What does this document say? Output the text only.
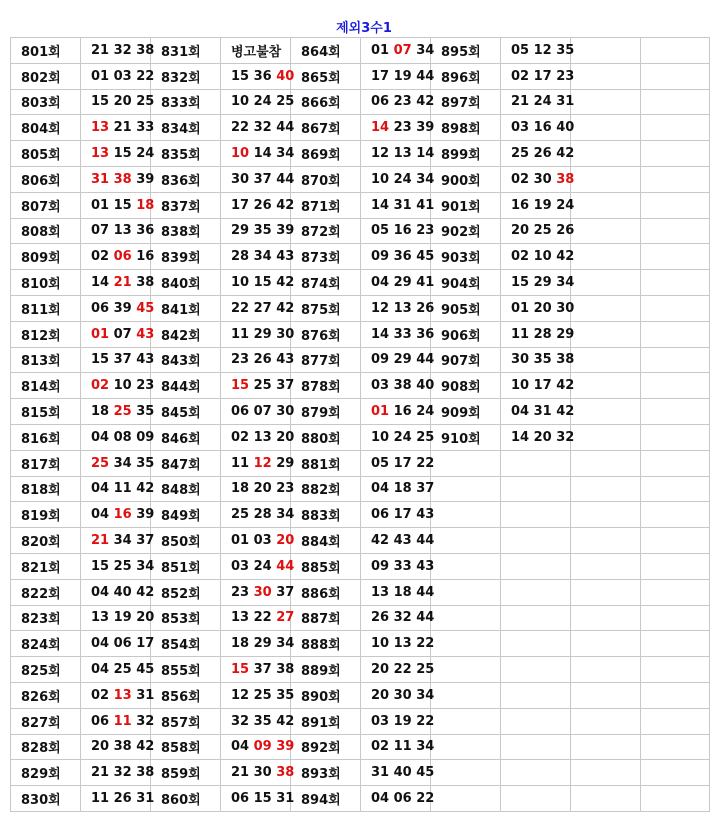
제외3수1
801회	21 32 38	831회	병고불참	864회	01 07 34	895회	05 12 35		
802회	01 03 22	832회	15 36 40	865회	17 19 44	896회	02 17 23		
803회	15 20 25	833회	10 24 25	866회	06 23 42	897회	21 24 31		
804회	13 21 33	834회	22 32 44	867회	14 23 39	898회	03 16 40		
805회	13 15 24	835회	10 14 34	869회	12 13 14	899회	25 26 42		
806회	31 38 39	836회	30 37 44	870회	10 24 34	900회	02 30 38		
807회	01 15 18	837회	17 26 42	871회	14 31 41	901회	16 19 24		
808회	07 13 36	838회	29 35 39	872회	05 16 23	902회	20 25 26		
809회	02 06 16	839회	28 34 43	873회	09 36 45	903회	02 10 42		
810회	14 21 38	840회	10 15 42	874회	04 29 41	904회	15 29 34		
811회	06 39 45	841회	22 27 42	875회	12 13 26	905회	01 20 30		
812회	01 07 43	842회	11 29 30	876회	14 33 36	906회	11 28 29		
813회	15 37 43	843회	23 26 43	877회	09 29 44	907회	30 35 38		
814회	02 10 23	844회	15 25 37	878회	03 38 40	908회	10 17 42		
815회	18 25 35	845회	06 07 30	879회	01 16 24	909회	04 31 42		
816회	04 08 09	846회	02 13 20	880회	10 24 25	910회	14 20 32		
817회	25 34 35	847회	11 12 29	881회	05 17 22				
818회	04 11 42	848회	18 20 23	882회	04 18 37				
819회	04 16 39	849회	25 28 34	883회	06 17 43				
820회	21 34 37	850회	01 03 20	884회	42 43 44				
821회	15 25 34	851회	03 24 44	885회	09 33 43				
822회	04 40 42	852회	23 30 37	886회	13 18 44				
823회	13 19 20	853회	13 22 27	887회	26 32 44				
824회	04 06 17	854회	18 29 34	888회	10 13 22				
825회	04 25 45	855회	15 37 38	889회	20 22 25				
826회	02 13 31	856회	12 25 35	890회	20 30 34				
827회	06 11 32	857회	32 35 42	891회	03 19 22				
828회	20 38 42	858회	04 09 39	892회	02 11 34				
829회	21 32 38	859회	21 30 38	893회	31 40 45				
830회	11 26 31	860회	06 15 31	894회	04 06 22				
